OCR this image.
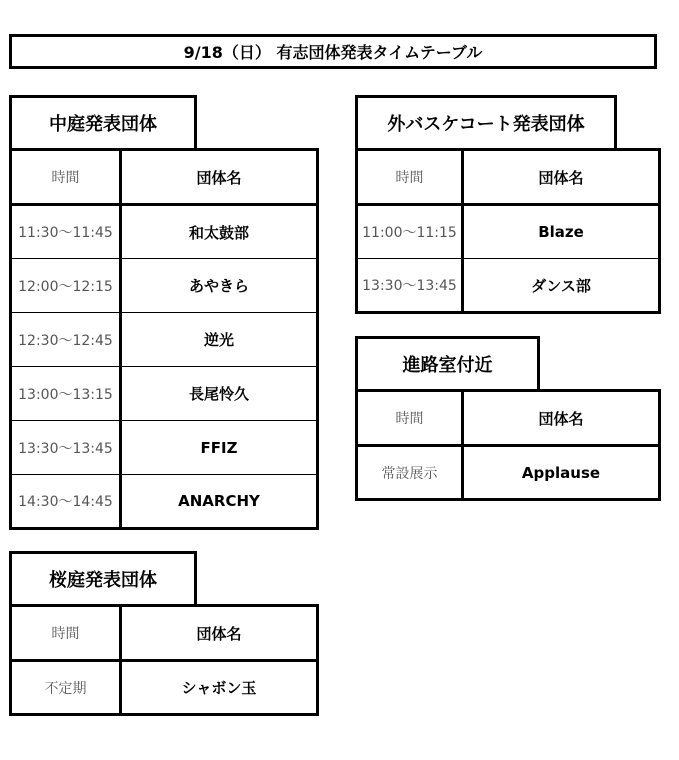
9/18（日） 有志団体発表タイムテーブル
中庭発表団体
時間	団体名
11:30～11:45	和太鼓部
12:00～12:15	あやきら
12:30～12:45	逆光
13:00～13:15	長尾怜久
13:30～13:45	FFIZ
14:30～14:45	ANARCHY
外バスケコート発表団体
時間	団体名
11:00～11:15	Blaze
13:30～13:45	ダンス部
進路室付近
時間	団体名
常設展示	Applause
桜庭発表団体
時間	団体名
不定期	シャボン玉
